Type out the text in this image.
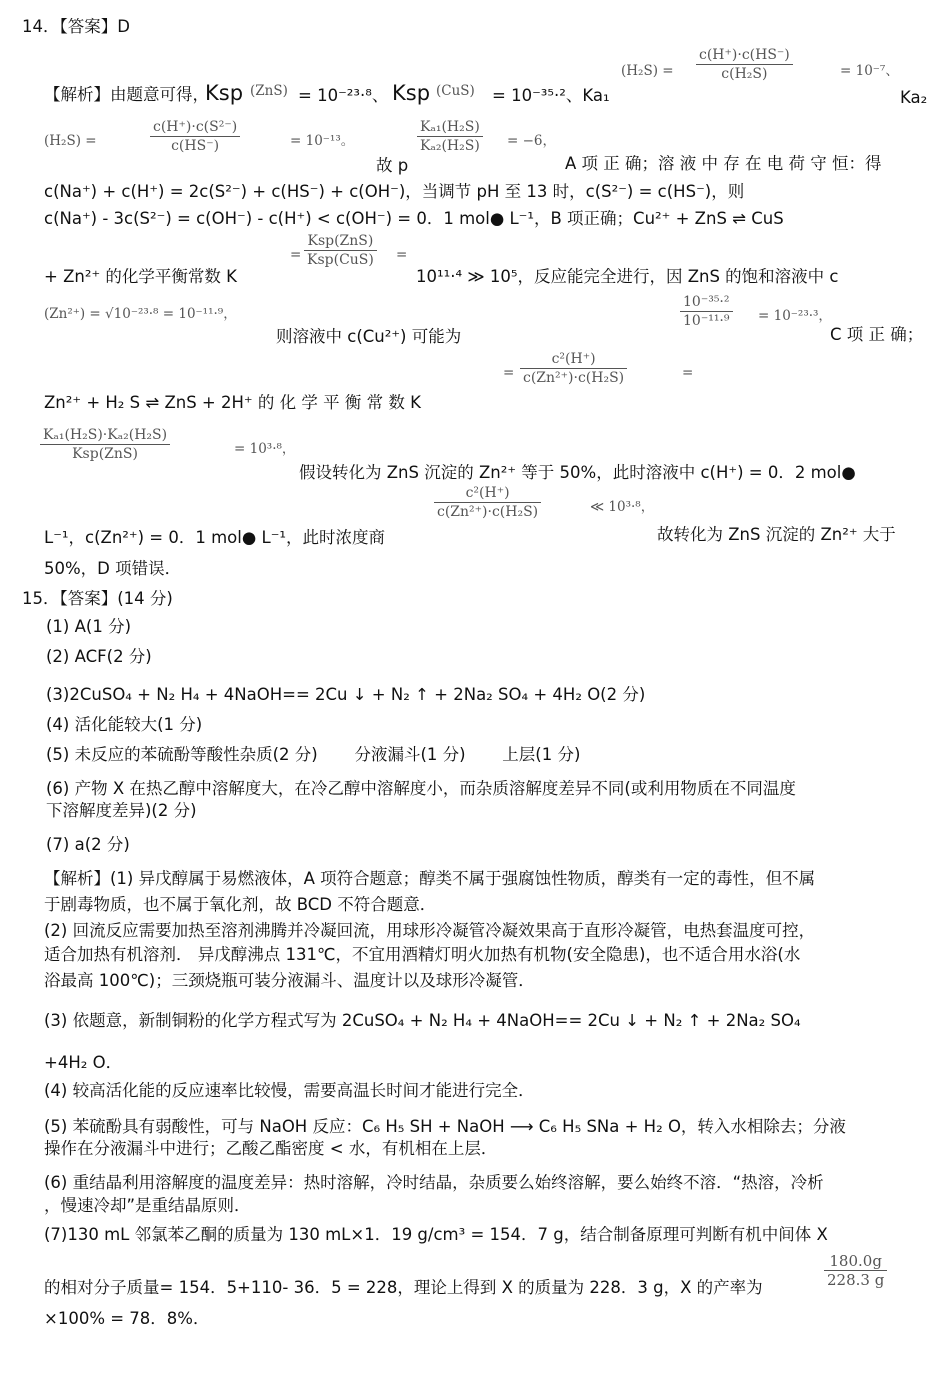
14．【答案】D
$(H_2S) = \frac{c(H^+)\cdot c(HS^-)}{\text{c(H₂S)}}$	= 10⁻⁷、
【解析】由题意可得，
Ksp (ZnS) = 10⁻²³·⁸、 Ksp (CuS) = 10⁻³⁵·²、Ka₁	Ka₂
(H₂S) =	$\frac{\text{c(H⁺)·c(S²⁻)}}{c(HS^-)}$	= 10⁻¹³。	$\frac{\text{Kₐ₁(H₂S)}}{\text{Kₐ₂(H₂S)}} = -6$，
故 p	A 项 正 确；溶 液 中 存 在 电 荷 守 恒：得
c(Na⁺) + c(H⁺) = 2c(S²⁻) + c(HS⁻) + c(OH⁻)，当调节 pH 至 13 时，c(S²⁻) = c(HS⁻)，则
c(Na⁺) - 3c(S²⁻) = c(OH⁻) - c(H⁺) < c(OH⁻) = 0．1 mol● L⁻¹，B 项正确；Cu²⁺ + ZnS ⇌ CuS
=
Ksp(ZnS)
Ksp(CuS) =
+ Zn²⁺ 的化学平衡常数 K	10¹¹·⁴ ≫ 10⁵，反应能完全进行，因 ZnS 的饱和溶液中 c
(Zn²⁺) = √10⁻²³·⁸ = 10⁻¹¹·⁹，	$\frac{\text{10⁻³⁵·²}}{\text{10⁻¹¹·⁹}} = 10^{-23}\cdot^3$，
则溶液中 c(Cu²⁺) 可能为	C 项 正 确；
= $\frac{\text{c²(H⁺)}}{\text{c(Zn²⁺)·c(H₂S)}}$	=
Zn²⁺ + H₂ S ⇌ ZnS + 2H⁺ 的 化 学 平 衡 常 数 K
Kₐ₁(H₂S)·Kₐ₂(H₂S)
Ksp(ZnS)	= 10³·⁸，
假设转化为 ZnS 沉淀的 Zn²⁺ 等于 50%，此时溶液中 c(H⁺) = 0．2 mol●
$\frac{\text{c²(H⁺)}}{\text{c(Zn²⁺)·c(H₂S)}}$	≪ 10³·⁸，
L⁻¹，c(Zn²⁺) = 0．1 mol● L⁻¹，此时浓度商	故转化为 ZnS 沉淀的 Zn²⁺ 大于
50%，D 项错误．
15．【答案】(14 分)
(1) A(1 分)
(2) ACF(2 分)
(3)2CuSO₄ + N₂ H₄ + 4NaOH== 2Cu ↓ + N₂ ↑ + 2Na₂ SO₄ + 4H₂ O(2 分)
(4) 活化能较大(1 分)
(5) 未反应的苯硫酚等酸性杂质(2 分)       分液漏斗(1 分)       上层(1 分)
(6) 产物 X 在热乙醇中溶解度大，在冷乙醇中溶解度小，而杂质溶解度差异不同(或利用物质在不同温度
下溶解度差异)(2 分)
(7) a(2 分)
【解析】(1) 异戊醇属于易燃液体，A 项符合题意；醇类不属于强腐蚀性物质，醇类有一定的毒性，但不属
于剧毒物质，也不属于氧化剂，故 BCD 不符合题意．
(2) 回流反应需要加热至溶剂沸腾并冷凝回流，用球形冷凝管冷凝效果高于直形冷凝管，电热套温度可控，
适合加热有机溶剂． 异戊醇沸点 131℃，不宜用酒精灯明火加热有机物(安全隐患)，也不适合用水浴(水
浴最高 100℃)；三颈烧瓶可装分液漏斗、温度计以及球形冷凝管．
(3) 依题意，新制铜粉的化学方程式写为 2CuSO₄ + N₂ H₄ + 4NaOH== 2Cu ↓ + N₂ ↑ + 2Na₂ SO₄
+4H₂ O．
(4) 较高活化能的反应速率比较慢，需要高温长时间才能进行完全．
(5) 苯硫酚具有弱酸性，可与 NaOH 反应：C₆ H₅ SH + NaOH ⟶ C₆ H₅ SNa + H₂ O，转入水相除去；分液
操作在分液漏斗中进行；乙酸乙酯密度 < 水，有机相在上层．
(6) 重结晶利用溶解度的温度差异：热时溶解，冷时结晶，杂质要么始终溶解，要么始终不溶．“热溶，冷析
，慢速冷却”是重结晶原则．
(7)130 mL 邻氯苯乙酮的质量为 130 mL×1．19 g/cm³ = 154．7 g，结合制备原理可判断有机中间体 X
的相对分子质量= 154．5+110- 36．5 = 228，理论上得到 X 的质量为 228．3 g，X 的产率为	$\frac{180.0g}{228.3 g}$
×100% = 78．8%．
